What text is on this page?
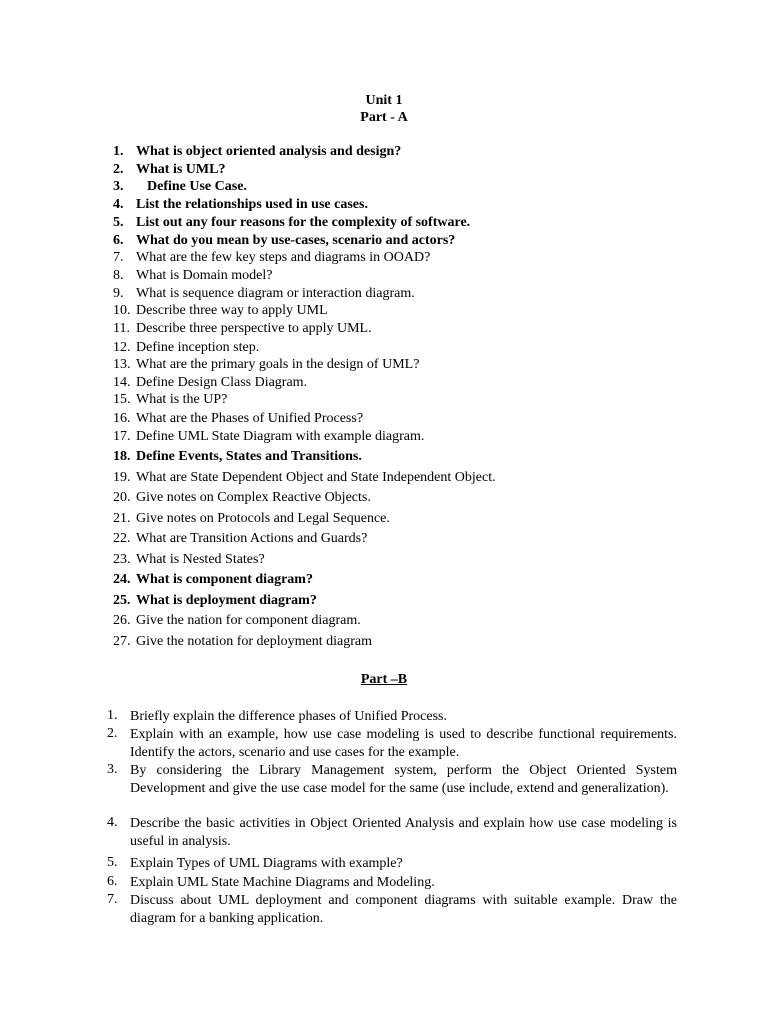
Unit 1
Part - A
1. What is object oriented analysis and design?
2. What is UML?
3. Define Use Case.
4. List the relationships used in use cases.
5. List out any four reasons for the complexity of software.
6. What do you mean by use-cases, scenario and actors?
7. What are the few key steps and diagrams in OOAD?
8. What is Domain model?
9. What is sequence diagram or interaction diagram.
10. Describe three way to apply UML
11. Describe three perspective to apply UML.
12. Define inception step.
13. What are the primary goals in the design of UML?
14. Define Design Class Diagram.
15. What is the UP?
16. What are the Phases of Unified Process?
17. Define UML State Diagram with example diagram.
18. Define Events, States and Transitions.
19. What are State Dependent Object and State Independent Object.
20. Give notes on Complex Reactive Objects.
21. Give notes on Protocols and Legal Sequence.
22. What are Transition Actions and Guards?
23. What is Nested States?
24. What is component diagram?
25. What is deployment diagram?
26. Give the nation for component diagram.
27. Give the notation for deployment diagram
Part –B
1. Briefly explain the difference phases of Unified Process.
2. Explain with an example, how use case modeling is used to describe functional requirements. Identify the actors, scenario and use cases for the example.
3. By considering the Library Management system, perform the Object Oriented System Development and give the use case model for the same (use include, extend and generalization).
4. Describe the basic activities in Object Oriented Analysis and explain how use case modeling is useful in analysis.
5. Explain Types of UML Diagrams with example?
6. Explain UML State Machine Diagrams and Modeling.
7. Discuss about UML deployment and component diagrams with suitable example. Draw the diagram for a banking application.
